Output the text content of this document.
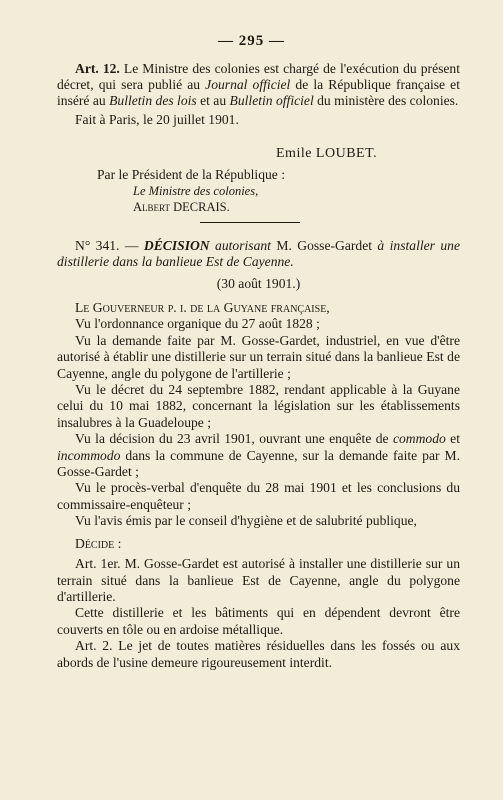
— 295 —

Art. 12. Le Ministre des colonies est chargé de l'exécution du présent décret, qui sera publié au Journal officiel de la République française et inséré au Bulletin des lois et au Bulletin officiel du ministère des colonies.

Fait à Paris, le 20 juillet 1901.

Emile LOUBET.
Par le Président de la République :
Le Ministre des colonies,
Albert DECRAIS.

N° 341. — DÉCISION autorisant M. Gosse-Gardet à installer une distillerie dans la banlieue Est de Cayenne.

(30 août 1901.)

Le Gouverneur p. i. de la Guyane française,

Vu l'ordonnance organique du 27 août 1828 ;

Vu la demande faite par M. Gosse-Gardet, industriel, en vue d'être autorisé à établir une distillerie sur un terrain situé dans la banlieue Est de Cayenne, angle du polygone de l'artillerie ;

Vu le décret du 24 septembre 1882, rendant applicable à la Guyane celui du 10 mai 1882, concernant la législation sur les établissements insalubres à la Guadeloupe ;

Vu la décision du 23 avril 1901, ouvrant une enquête de commodo et incommodo dans la commune de Cayenne, sur la demande faite par M. Gosse-Gardet ;

Vu le procès-verbal d'enquête du 28 mai 1901 et les conclusions du commissaire-enquêteur ;

Vu l'avis émis par le conseil d'hygiène et de salubrité publique,

Décide :

Art. 1er. M. Gosse-Gardet est autorisé à installer une distillerie sur un terrain situé dans la banlieue Est de Cayenne, angle du polygone d'artillerie.

Cette distillerie et les bâtiments qui en dépendent devront être couverts en tôle ou en ardoise métallique.

Art. 2. Le jet de toutes matières résiduelles dans les fossés ou aux abords de l'usine demeure rigoureusement interdit.
